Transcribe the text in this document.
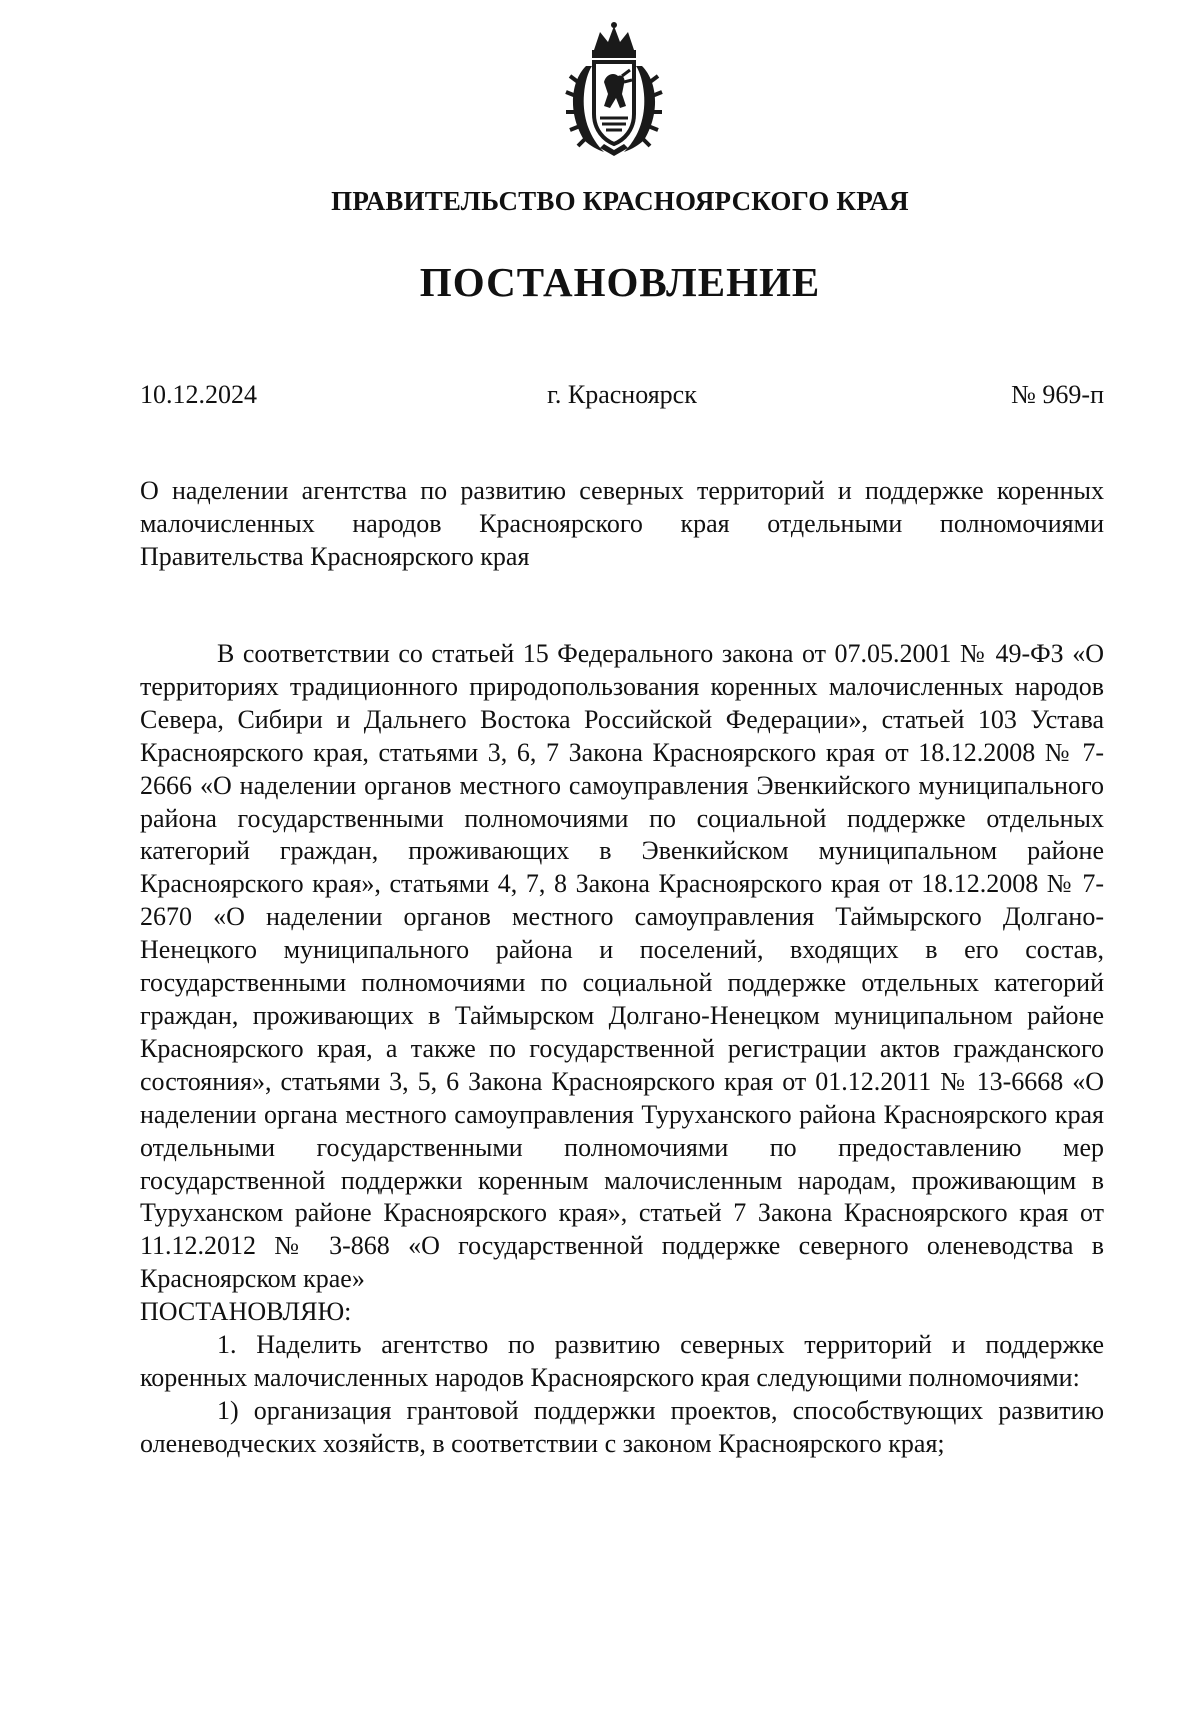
ПРАВИТЕЛЬСТВО КРАСНОЯРСКОГО КРАЯ
ПОСТАНОВЛЕНИЕ
10.12.2024	г. Красноярск	№ 969-п
О наделении агентства по развитию северных территорий и поддержке коренных малочисленных народов Красноярского края отдельными полномочиями Правительства Красноярского края

В соответствии со статьей 15 Федерального закона от 07.05.2001 № 49-ФЗ «О территориях традиционного природопользования коренных малочисленных народов Севера, Сибири и Дальнего Востока Российской Федерации», статьей 103 Устава Красноярского края, статьями 3, 6, 7 Закона Красноярского края от 18.12.2008 № 7-2666 «О наделении органов местного самоуправления Эвенкийского муниципального района государственными полномочиями по социальной поддержке отдельных категорий граждан, проживающих в Эвенкийском муниципальном районе Красноярского края», статьями 4, 7, 8 Закона Красноярского края от 18.12.2008 № 7-2670 «О наделении органов местного самоуправления Таймырского Долгано-Ненецкого муниципального района и поселений, входящих в его состав, государственными полномочиями по социальной поддержке отдельных категорий граждан, проживающих в Таймырском Долгано-Ненецком муниципальном районе Красноярского края, а также по государственной регистрации актов гражданского состояния», статьями 3, 5, 6 Закона Красноярского края от 01.12.2011 № 13-6668 «О наделении органа местного самоуправления Туруханского района Красноярского края отдельными государственными полномочиями по предоставлению мер государственной поддержки коренным малочисленным народам, проживающим в Туруханском районе Красноярского края», статьей 7 Закона Красноярского края от 11.12.2012 № 3-868 «О государственной поддержке северного оленеводства в Красноярском крае»

ПОСТАНОВЛЯЮ:

1. Наделить агентство по развитию северных территорий и поддержке коренных малочисленных народов Красноярского края следующими полномочиями:

1) организация грантовой поддержки проектов, способствующих развитию оленеводческих хозяйств, в соответствии с законом Красноярского края;
